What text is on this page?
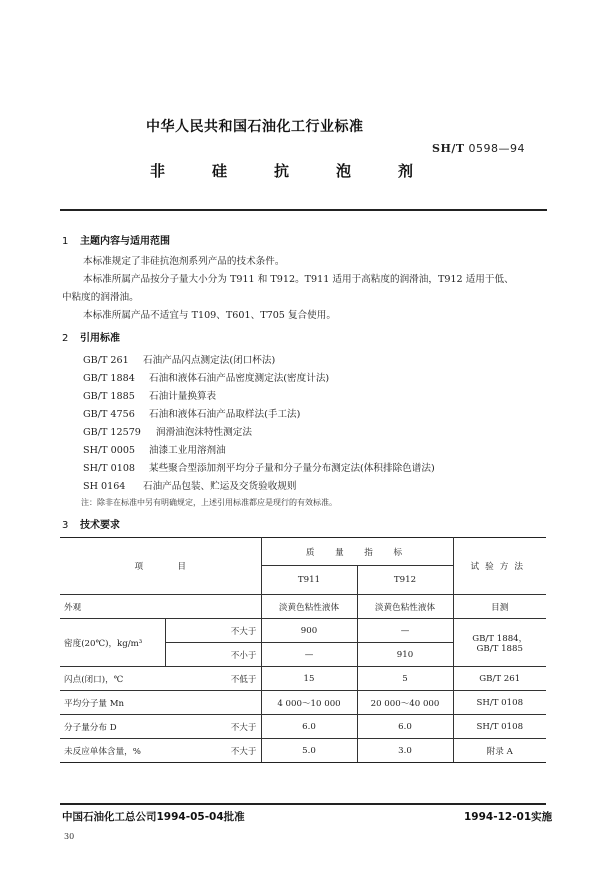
中华人民共和国石油化工行业标准
SH/T 0598—94
非	硅	抗	泡	剂
1 主题内容与适用范围
本标准规定了非硅抗泡剂系列产品的技术条件。
本标准所属产品按分子量大小分为 T911 和 T912。T911 适用于高粘度的润滑油，T912 适用于低、
中粘度的润滑油。
本标准所属产品不适宜与 T109、T601、T705 复合使用。
2 引用标准
GB/T 261 石油产品闪点测定法(闭口杯法)
GB/T 1884 石油和液体石油产品密度测定法(密度计法)
GB/T 1885 石油计量换算表
GB/T 4756 石油和液体石油产品取样法(手工法)
GB/T 12579 润滑油泡沫特性测定法
SH/T 0005 油漆工业用溶剂油
SH/T 0108 某些聚合型添加剂平均分子量和分子量分布测定法(体积排除色谱法)
SH 0164 石油产品包装、贮运及交货验收规则
注：除非在标准中另有明确规定，上述引用标准都应是现行的有效标准。
3 技术要求
项　　　　目		质　量　指　标		试验方法
		T911	T912	
外观		淡黄色粘性液体	淡黄色粘性液体	目测
密度(20℃)，kg/m³	不大于	900	—	GB/T 1884，
GB/T 1885

	不小于	—	910	
闪点(闭口)，℃	不低于	15	5	GB/T 261
平均分子量 Mn		4 000～10 000	20 000～40 000	SH/T 0108
分子量分布 D	不大于	6.0	6.0	SH/T 0108
未反应单体含量，%	不大于	5.0	3.0	附录 A
中国石油化工总公司1994-05-04批准	1994-12-01实施
30
